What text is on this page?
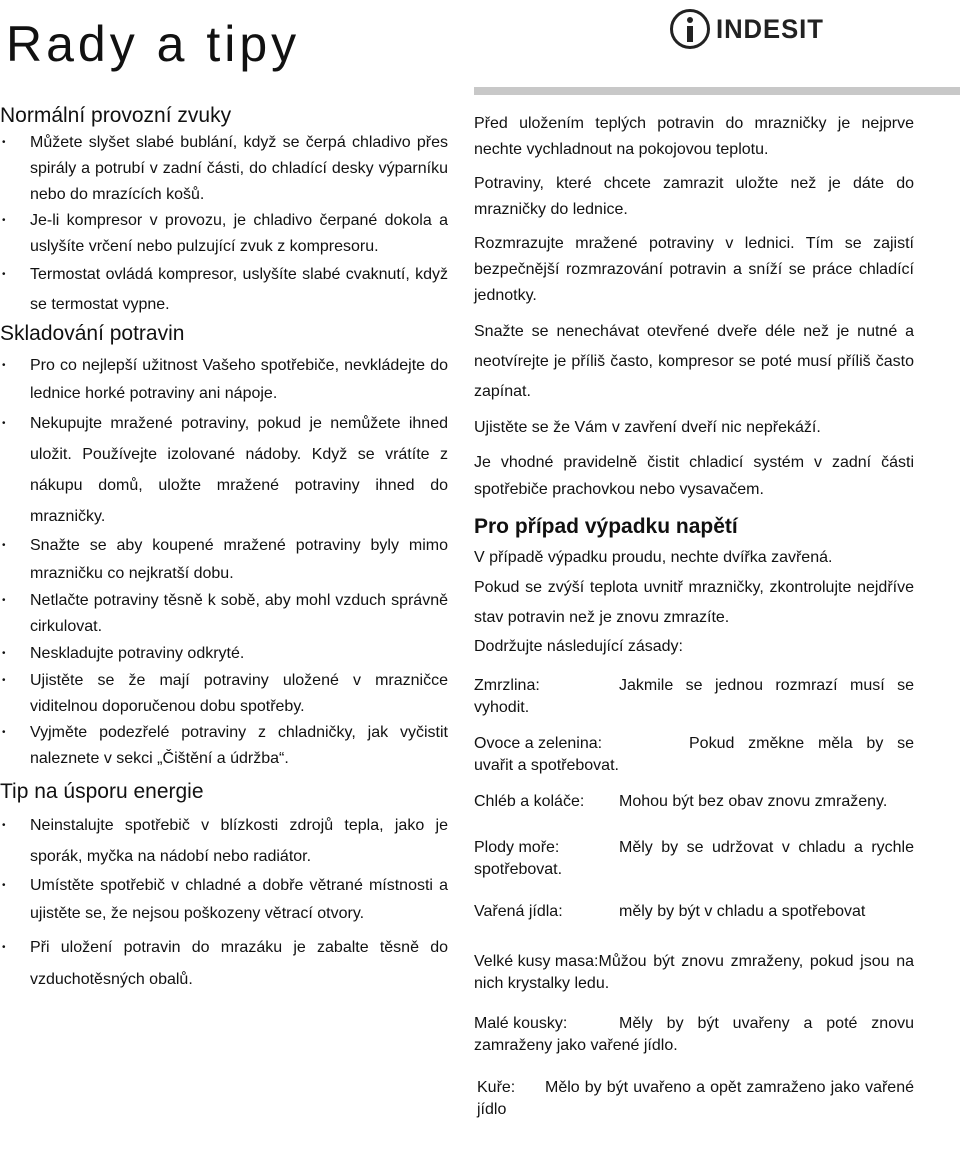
Rady a tipy	INDESIT
Normální provozní zvuky
• Můžete slyšet slabé bublání, když se čerpá chladivo přes spirály a potrubí v zadní části, do chladící desky výparníku nebo do mrazících košů.
• Je-li kompresor v provozu, je chladivo čerpané dokola a uslyšíte vrčení nebo pulzující zvuk z kompresoru.
• Termostat ovládá kompresor, uslyšíte slabé cvaknutí, když se termostat vypne.
Skladování potravin
• Pro co nejlepší užitnost Vašeho spotřebiče, nevkládejte do lednice horké potraviny ani nápoje.
• Nekupujte mražené potraviny, pokud je nemůžete ihned uložit. Používejte izolované nádoby. Když se vrátíte z nákupu domů, uložte mražené potraviny ihned do mrazničky.
• Snažte se aby koupené mražené potraviny byly mimo mrazničku co nejkratší dobu.
• Netlačte potraviny těsně k sobě, aby mohl vzduch správně cirkulovat.
• Neskladujte potraviny odkryté.
• Ujistěte se že mají potraviny uložené v mrazničce viditelnou doporučenou dobu spotřeby.
• Vyjměte podezřelé potraviny z chladničky, jak vyčistit naleznete v sekci „Čištění a údržba“.
Tip na úsporu energie
• Neinstalujte spotřebič v blízkosti zdrojů tepla, jako je sporák, myčka na nádobí nebo radiátor.
• Umístěte spotřebič v chladné a dobře větrané místnosti a ujistěte se, že nejsou poškozeny větrací otvory.
• Při uložení potravin do mrazáku je zabalte těsně do vzduchotěsných obalů.

Před uložením teplých potravin do mrazničky je nejprve nechte vychladnout na pokojovou teplotu.

Potraviny, které chcete zamrazit uložte než je dáte do mrazničky do lednice.

Rozmrazujte mražené potraviny v lednici. Tím se zajistí bezpečnější rozmrazování potravin a sníží se práce chladící jednotky.

Snažte se nenechávat otevřené dveře déle než je nutné a neotvírejte je příliš často, kompresor se poté musí příliš často zapínat.

Ujistěte se že Vám v zavření dveří nic nepřekáží.

Je vhodné pravidelně čistit chladicí systém v zadní části spotřebiče prachovkou nebo vysavačem.

Pro případ výpadku napětí

V případě výpadku proudu, nechte dvířka zavřená.

Pokud se zvýší teplota uvnitř mrazničky, zkontrolujte nejdříve stav potravin než je znovu zmrazíte.

Dodržujte následující zásady:

Zmrzlina:	Jakmile se jednou rozmrazí musí se vyhodit.

Ovoce a zelenina:	Pokud změkne měla by se uvařit a spotřebovat.

Chléb a koláče: Mohou být bez obav znovu zmraženy.

Plody moře:	Měly by se udržovat v chladu a rychle spotřebovat.

Vařená jídla:	měly by být v chladu a spotřebovat

Velké kusy masa:Můžou být znovu zmraženy, pokud jsou na nich krystalky ledu.

Malé kousky:	Měly by být uvařeny a poté znovu zamraženy jako vařené jídlo.

Kuře: Mělo by být uvařeno a opět zamraženo jako vařené jídlo
